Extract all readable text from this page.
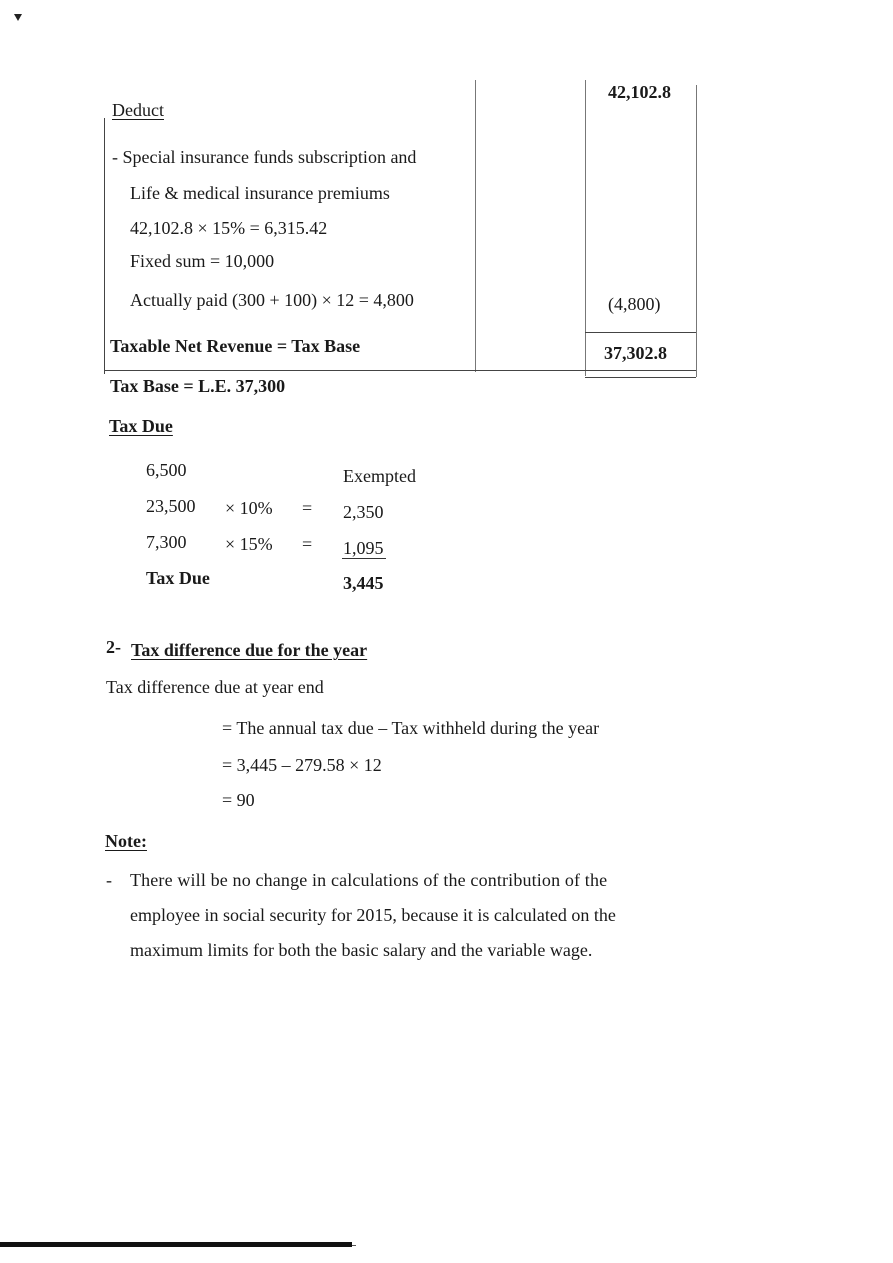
42,102.8
Deduct
- Special insurance funds subscription and
Life & medical insurance premiums
42,102.8 × 15% = 6,315.42
Fixed sum = 10,000
Actually paid (300 + 100) × 12 = 4,800	(4,800)
Taxable Net Revenue = Tax Base	37,302.8
Tax Base = L.E. 37,300
Tax Due
6,500	Exempted
23,500 × 10% = 2,350
7,300 × 15% = 1,095
Tax Due	3,445
2- Tax difference due for the year
Tax difference due at year end
= The annual tax due – Tax withheld during the year
= 3,445 – 279.58 × 12
= 90
Note:
- There will be no change in calculations of the contribution of the
employee in social security for 2015, because it is calculated on the
maximum limits for both the basic salary and the variable wage.
